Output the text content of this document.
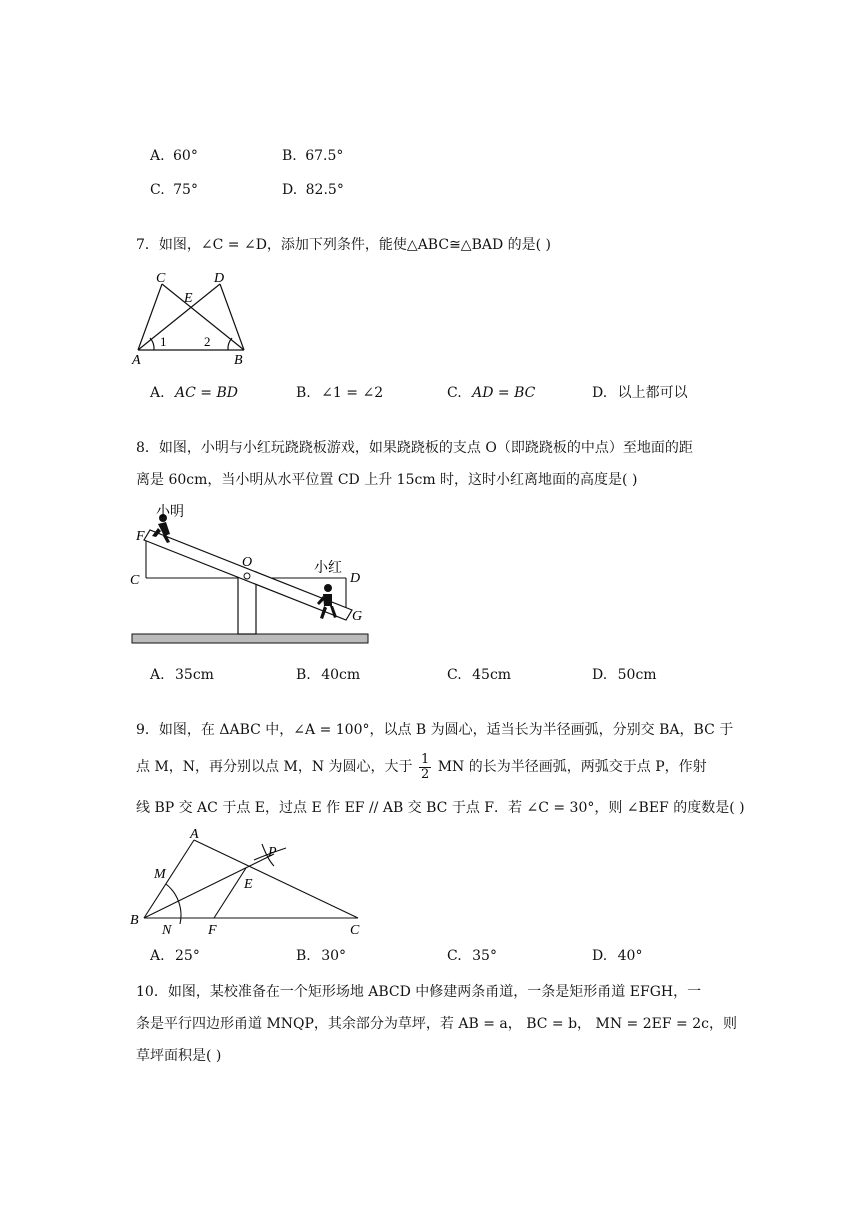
A. 60°	B. 67.5°
C. 75°	D. 82.5°
7．如图，∠C = ∠D，添加下列条件，能使△ABC≅△BAD 的是( )
C	D
E
A	B
1	2
A. AC = BD	B. ∠1 = ∠2	C. AD = BC	D. 以上都可以
8．如图，小明与小红玩跷跷板游戏，如果跷跷板的支点 O（即跷跷板的中点）至地面的距
离是 60cm，当小明从水平位置 CD 上升 15cm 时，这时小红离地面的高度是( )
小明
小红
F
C
O
D
G
A. 35cm	B. 40cm	C. 45cm	D. 50cm
9．如图，在 ΔABC 中，∠A = 100°，以点 B 为圆心，适当长为半径画弧，分别交 BA，BC 于
点 M，N，再分别以点 M，N 为圆心，大于 $\frac{1}{2}$ MN 的长为半径画弧，两弧交于点 P，作射
线 BP 交 AC 于点 E，过点 E 作 EF // AB 交 BC 于点 F．若 ∠C = 30°，则 ∠BEF 的度数是( )
A
M
P
E
B
N	F	C
A. 25°	B. 30°	C. 35°	D. 40°
10．如图，某校准备在一个矩形场地 ABCD 中修建两条甬道，一条是矩形甬道 EFGH，一
条是平行四边形甬道 MNQP，其余部分为草坪，若 AB = a， BC = b， MN = 2EF = 2c，则
草坪面积是( )
